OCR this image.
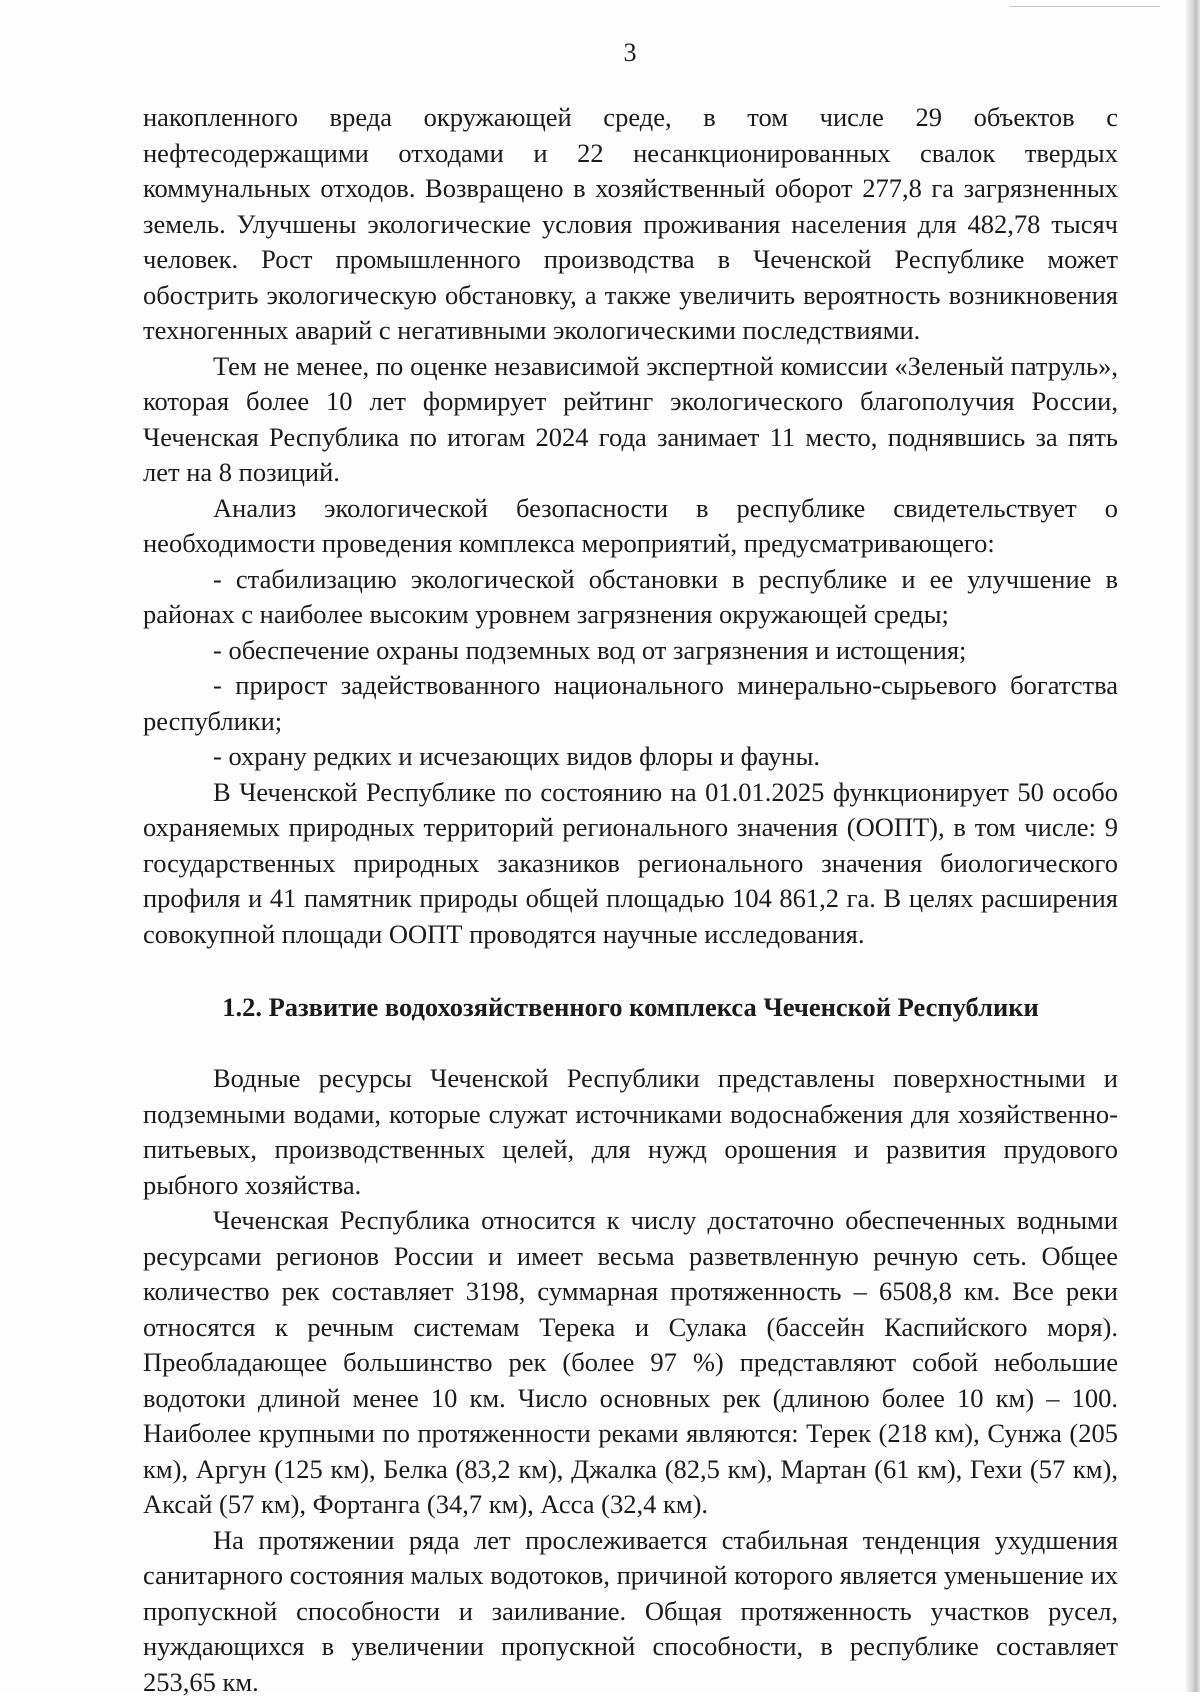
3

накопленного вреда окружающей среде, в том числе 29 объектов с нефтесодержащими отходами и 22 несанкционированных свалок твердых коммунальных отходов. Возвращено в хозяйственный оборот 277,8 га загрязненных земель. Улучшены экологические условия проживания населения для 482,78 тысяч человек. Рост промышленного производства в Чеченской Республике может обострить экологическую обстановку, а также увеличить вероятность возникновения техногенных аварий с негативными экологическими последствиями.

Тем не менее, по оценке независимой экспертной комиссии «Зеленый патруль», которая более 10 лет формирует рейтинг экологического благополучия России, Чеченская Республика по итогам 2024 года занимает 11 место, поднявшись за пять лет на 8 позиций.

Анализ экологической безопасности в республике свидетельствует о необходимости проведения комплекса мероприятий, предусматривающего:

- стабилизацию экологической обстановки в республике и ее улучшение в районах с наиболее высоким уровнем загрязнения окружающей среды;

- обеспечение охраны подземных вод от загрязнения и истощения;

- прирост задействованного национального минерально-сырьевого богатства республики;

- охрану редких и исчезающих видов флоры и фауны.

В Чеченской Республике по состоянию на 01.01.2025 функционирует 50 особо охраняемых природных территорий регионального значения (ООПТ), в том числе: 9 государственных природных заказников регионального значения биологического профиля и 41 памятник природы общей площадью 104 861,2 га. В целях расширения совокупной площади ООПТ проводятся научные исследования.

1.2. Развитие водохозяйственного комплекса Чеченской Республики

Водные ресурсы Чеченской Республики представлены поверхностными и подземными водами, которые служат источниками водоснабжения для хозяйственно-питьевых, производственных целей, для нужд орошения и развития прудового рыбного хозяйства.

Чеченская Республика относится к числу достаточно обеспеченных водными ресурсами регионов России и имеет весьма разветвленную речную сеть. Общее количество рек составляет 3198, суммарная протяженность – 6508,8 км. Все реки относятся к речным системам Терека и Сулака (бассейн Каспийского моря). Преобладающее большинство рек (более 97 %) представляют собой небольшие водотоки длиной менее 10 км. Число основных рек (длиною более 10 км) – 100. Наиболее крупными по протяженности реками являются: Терек (218 км), Сунжа (205 км), Аргун (125 км), Белка (83,2 км), Джалка (82,5 км), Мартан (61 км), Гехи (57 км), Аксай (57 км), Фортанга (34,7 км), Асса (32,4 км).

На протяжении ряда лет прослеживается стабильная тенденция ухудшения санитарного состояния малых водотоков, причиной которого является уменьшение их пропускной способности и заиливание. Общая протяженность участков русел, нуждающихся в увеличении пропускной способности, в республике составляет 253,65 км.
